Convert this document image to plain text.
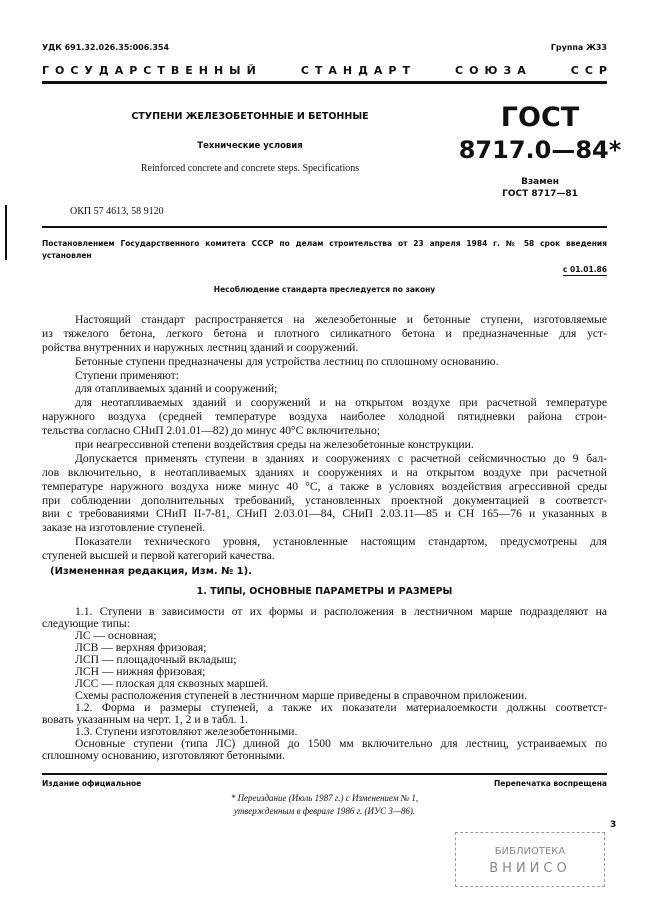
УДК 691.32.026.35:006.354	Группа Ж33
ГОСУДАРСТВЕННЫЙ	СТАНДАРТ	СОЮЗА	ССР
СТУПЕНИ ЖЕЛЕЗОБЕТОННЫЕ И БЕТОННЫЕ
Технические условия
Reinforced concrete and concrete steps. Specifications
ОКП 57 4613, 58 9120
ГОСТ
8717.0—84*
Взамен
ГОСТ 8717—81
Постановлением Государственного комитета СССР по делам строительства от 23 апреля 1984 г. № 58 срок введения
установлен
с 01.01.86
Несоблюдение стандарта преследуется по закону
Настоящий стандарт распространяется на железобетонные и бетонные ступени, изготовляемые
из тяжелого бетона, легкого бетона и плотного силикатного бетона и предназначенные для уст-
ройства внутренних и наружных лестниц зданий и сооружений.
Бетонные ступени предназначены для устройства лестниц по сплошному основанию.
Ступени применяют:
для отапливаемых зданий и сооружений;
для неотапливаемых зданий и сооружений и на открытом воздухе при расчетной температуре
наружного воздуха (средней температуре воздуха наиболее холодной пятидневки района строи-
тельства согласно СНиП 2.01.01—82) до минус 40°С включительно;
при неагрессивной степени воздействия среды на железобетонные конструкции.
Допускается применять ступени в зданиях и сооружениях с расчетной сейсмичностью до 9 бал-
лов включительно, в неотапливаемых зданиях и сооружениях и на открытом воздухе при расчетной
температуре наружного воздуха ниже минус 40 °С, а также в условиях воздействия агрессивной среды
при соблюдении дополнительных требований, установленных проектной документацией в соответст-
вии с требованиями СНиП II-7-81, СНиП 2.03.01—84, СНиП 2.03.11—85 и СН 165—76 и указанных в
заказе на изготовление ступеней.
Показатели технического уровня, установленные настоящим стандартом, предусмотрены для
ступеней высшей и первой категорий качества.
(Измененная редакция, Изм. № 1).
1. ТИПЫ, ОСНОВНЫЕ ПАРАМЕТРЫ И РАЗМЕРЫ
1.1. Ступени в зависимости от их формы и расположения в лестничном марше подразделяют на
следующие типы:
ЛС — основная;
ЛСВ — верхняя фризовая;
ЛСП — площадочный вкладыш;
ЛСН — нижняя фризовая;
ЛСС — плоская для сквозных маршей.
Схемы расположения ступеней в лестничном марше приведены в справочном приложении.
1.2. Форма и размеры ступеней, а также их показатели материалоемкости должны соответст-
вовать указанным на черт. 1, 2 и в табл. 1.
1.3. Ступени изготовляют железобетонными.
Основные ступени (типа ЛС) длиной до 1500 мм включительно для лестниц, устраиваемых по
сплошному основанию, изготовляют бетонными.
Издание официальное	Перепечатка воспрещена
* Переиздание (Июль 1987 г.) с Изменением № 1,
утвержденным в феврале 1986 г. (ИУС 3—86).
3
БИБЛИОТЕКА
ВНИИСО
